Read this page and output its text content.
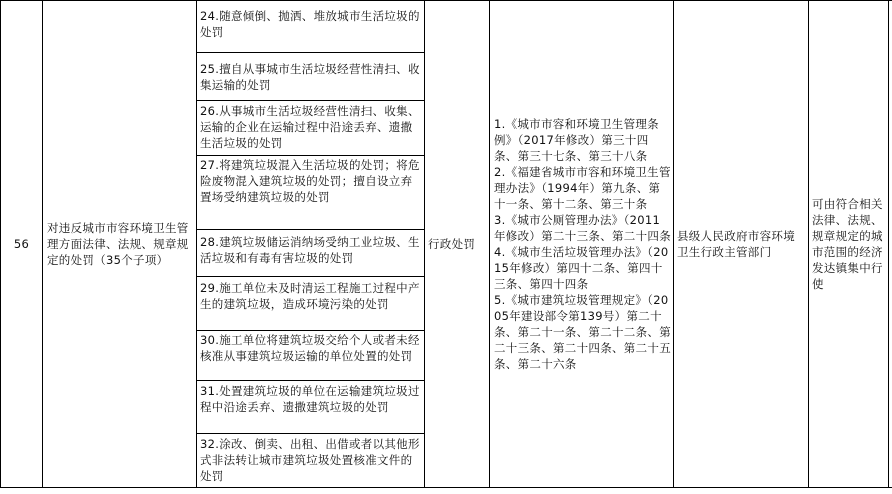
56
对违反城市市容环境卫生管理方面法律、法规、规章规定的处罚（35个子项）
24.随意倾倒、抛洒、堆放城市生活垃圾的处罚
25.擅自从事城市生活垃圾经营性清扫、收集运输的处罚
26.从事城市生活垃圾经营性清扫、收集、运输的企业在运输过程中沿途丢弃、遗撒生活垃圾的处罚
27.将建筑垃圾混入生活垃圾的处罚；将危险废物混入建筑垃圾的处罚；擅自设立弃置场受纳建筑垃圾的处罚
28.建筑垃圾储运消纳场受纳工业垃圾、生活垃圾和有毒有害垃圾的处罚
29.施工单位未及时清运工程施工过程中产生的建筑垃圾，造成环境污染的处罚
30.施工单位将建筑垃圾交给个人或者未经核准从事建筑垃圾运输的单位处置的处罚
31.处置建筑垃圾的单位在运输建筑垃圾过程中沿途丢弃、遗撒建筑垃圾的处罚
32.涂改、倒卖、出租、出借或者以其他形式非法转让城市建筑垃圾处置核准文件的处罚
行政处罚
1.《城市市容和环境卫生管理条例》（2017年修改）第三十四条、第三十七条、第三十八条
2.《福建省城市市容和环境卫生管理办法》（1994年）第九条、第十一条、第十二条、第三十条
3.《城市公厕管理办法》（2011年修改）第二十三条、第二十四条
4.《城市生活垃圾管理办法》（2015年修改）第四十二条、第四十三条、第四十四条
5.《城市建筑垃圾管理规定》（2005年建设部令第139号）第二十条、第二十一条、第二十二条、第二十三条、第二十四条、第二十五条、第二十六条
县级人民政府市容环境卫生行政主管部门
可由符合相关法律、法规、规章规定的城市范围的经济发达镇集中行使
